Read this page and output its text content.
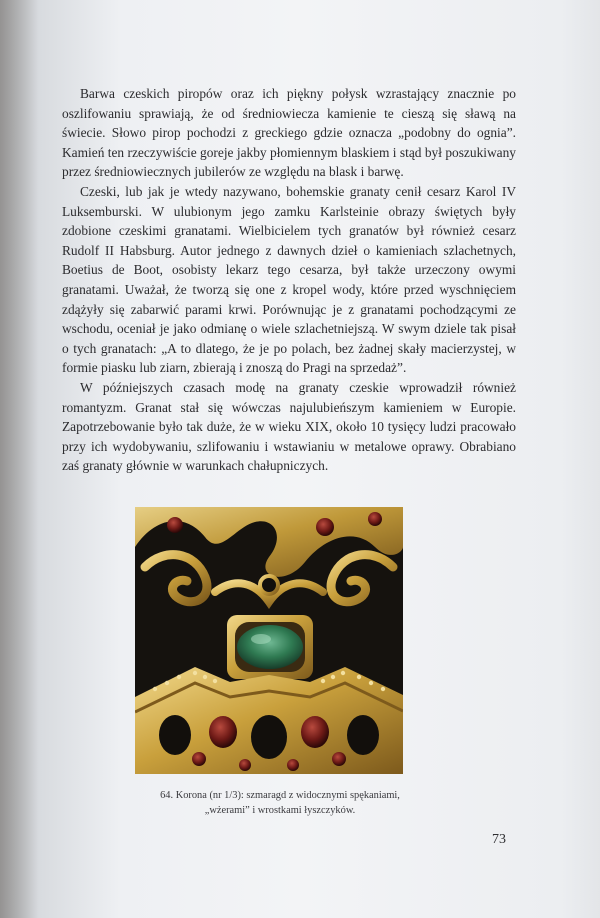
Barwa czeskich piropów oraz ich piękny połysk wzrastający znacznie po oszlifowaniu sprawiają, że od średniowiecza kamienie te cieszą się sławą na świecie. Słowo pirop pochodzi z greckiego gdzie oznacza „podobny do ognia”. Kamień ten rzeczywiście goreje jakby płomiennym blaskiem i stąd był poszukiwany przez średniowiecznych jubilerów ze względu na blask i barwę.

Czeski, lub jak je wtedy nazywano, bohemskie granaty cenił cesarz Karol IV Luksemburski. W ulubionym jego zamku Karlsteinie obrazy świętych były zdobione czeskimi granatami. Wielbicielem tych granatów był również cesarz Rudolf II Habsburg. Autor jednego z dawnych dzieł o kamieniach szlachetnych, Boetius de Boot, osobisty lekarz tego cesarza, był także urzeczony owymi granatami. Uważał, że tworzą się one z kropel wody, które przed wyschnięciem zdążyły się zabarwić parami krwi. Porównując je z granatami pochodzącymi ze wschodu, oceniał je jako odmianę o wiele szlachetniejszą. W swym dziele tak pisał o tych granatach: „A to dlatego, że je po polach, bez żadnej skały macierzystej, w formie piasku lub ziarn, zbierają i znoszą do Pragi na sprzedaż”.

W późniejszych czasach modę na granaty czeskie wprowadził również romantyzm. Granat stał się wówczas najulubieńszym kamieniem w Europie. Zapotrzebowanie było tak duże, że w wieku XIX, około 10 tysięcy ludzi pracowało przy ich wydobywaniu, szlifowaniu i wstawianiu w metalowe oprawy. Obrabiano zaś granaty głównie w warunkach chałupniczych.

64. Korona (nr 1/3): szmaragd z widocznymi spękaniami,
„wżerami” i wrostkami łyszczyków.
73
